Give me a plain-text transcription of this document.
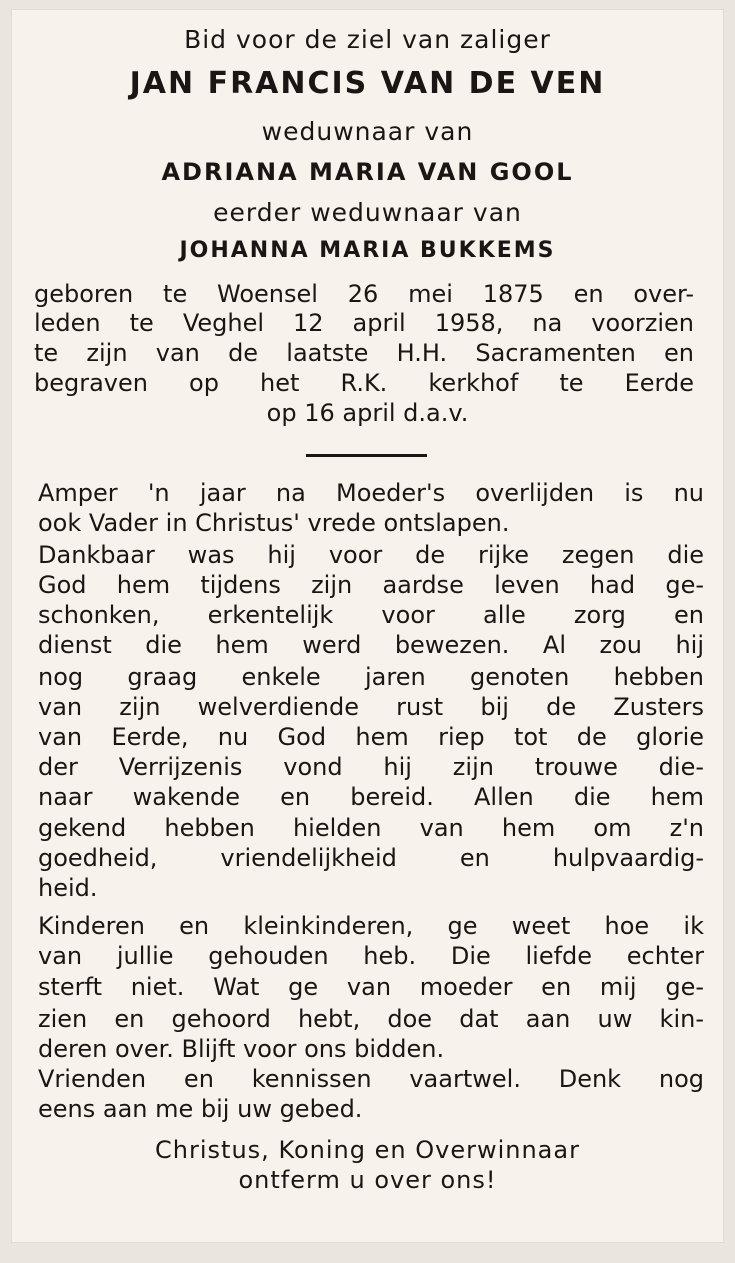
Bid voor de ziel van zaliger
JAN FRANCIS VAN DE VEN
weduwnaar van
ADRIANA MARIA VAN GOOL
eerder weduwnaar van
JOHANNA MARIA BUKKEMS
geboren te Woensel 26 mei 1875 en over-
leden te Veghel 12 april 1958, na voorzien
te zijn van de laatste H.H. Sacramenten en
begraven op het R.K. kerkhof te Eerde
op 16 april d.a.v.
Amper 'n jaar na Moeder's overlijden is nu
ook Vader in Christus' vrede ontslapen.
Dankbaar was hij voor de rijke zegen die
God hem tijdens zijn aardse leven had ge-
schonken, erkentelijk voor alle zorg en
dienst die hem werd bewezen. Al zou hij
nog graag enkele jaren genoten hebben
van zijn welverdiende rust bij de Zusters
van Eerde, nu God hem riep tot de glorie
der Verrijzenis vond hij zijn trouwe die-
naar wakende en bereid. Allen die hem
gekend hebben hielden van hem om z'n
goedheid, vriendelijkheid en hulpvaardig-
heid.
Kinderen en kleinkinderen, ge weet hoe ik
van jullie gehouden heb. Die liefde echter
sterft niet. Wat ge van moeder en mij ge-
zien en gehoord hebt, doe dat aan uw kin-
deren over. Blijft voor ons bidden.
Vrienden en kennissen vaartwel. Denk nog
eens aan me bij uw gebed.
Christus, Koning en Overwinnaar
ontferm u over ons!
